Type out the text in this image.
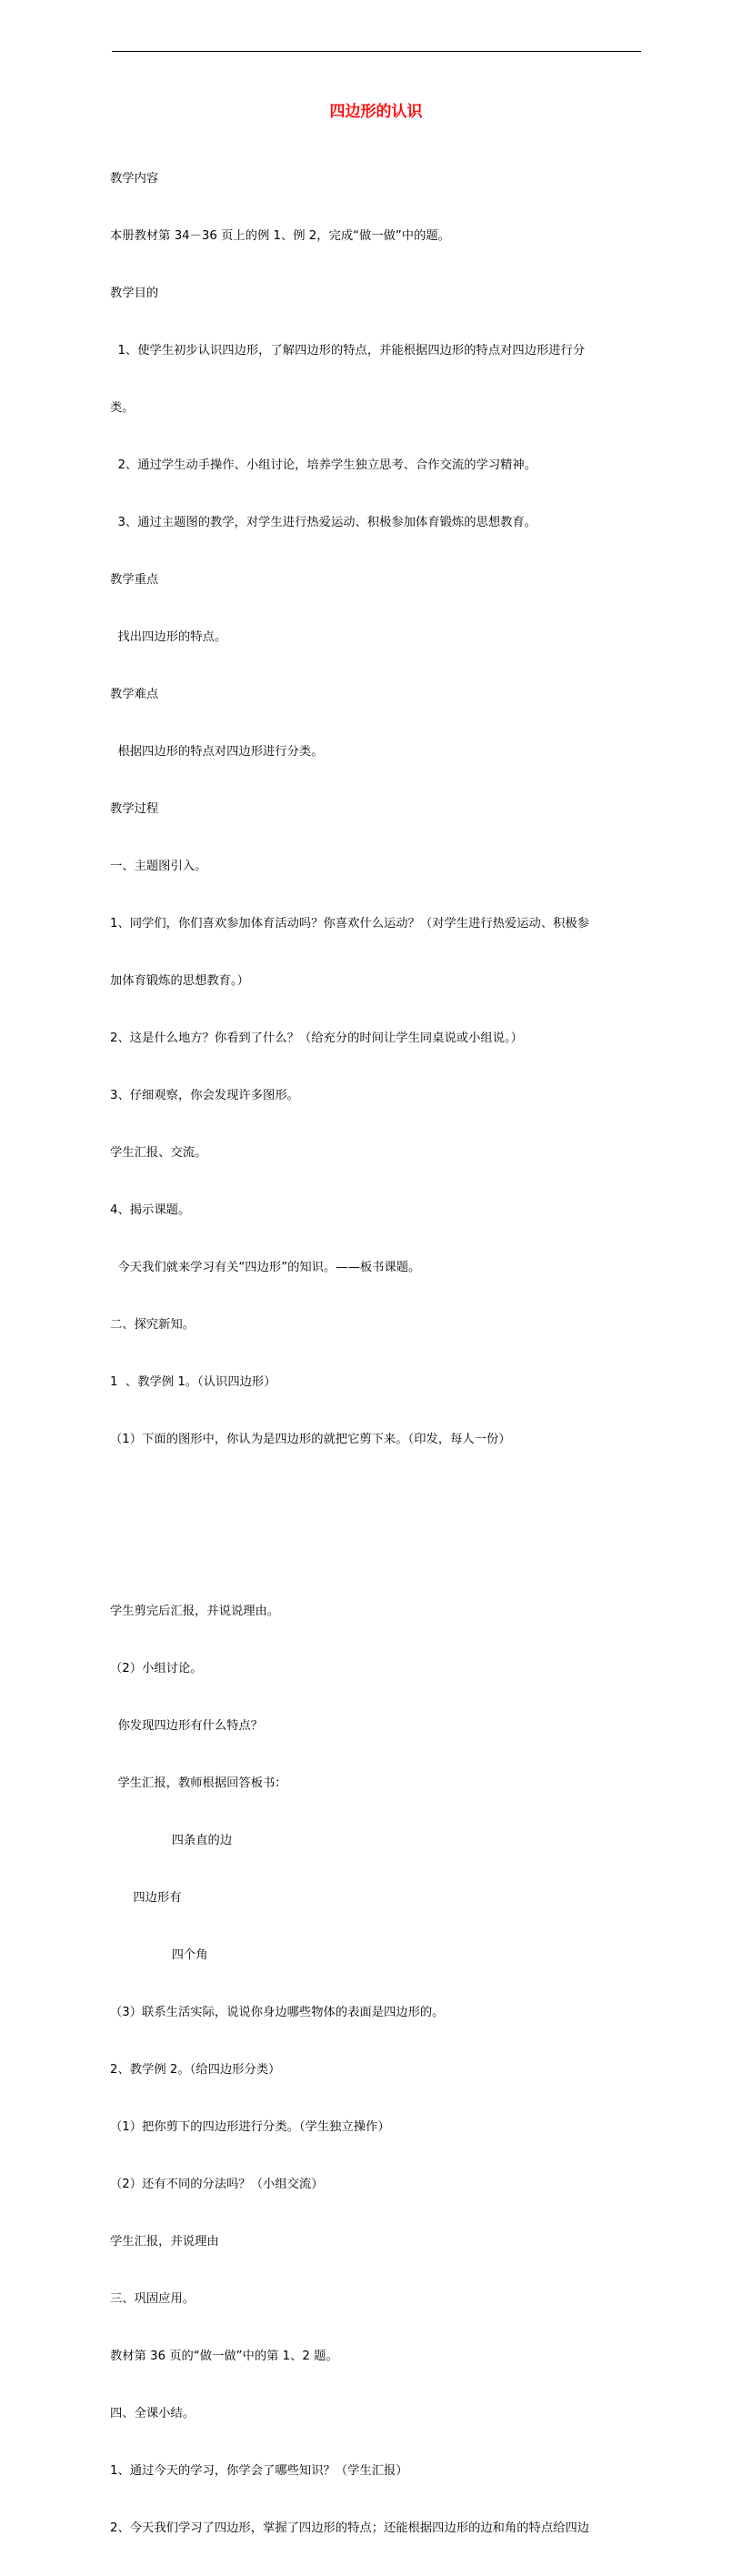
四边形的认识

教学内容

本册教材第 34－36 页上的例 1、例 2，完成“做一做”中的题。

教学目的

1、使学生初步认识四边形，了解四边形的特点，并能根据四边形的特点对四边形进行分

类。

2、通过学生动手操作、小组讨论，培养学生独立思考、合作交流的学习精神。

3、通过主题图的教学，对学生进行热爱运动、积极参加体育锻炼的思想教育。

教学重点

找出四边形的特点。

教学难点

根据四边形的特点对四边形进行分类。

教学过程

一、主题图引入。

1、同学们，你们喜欢参加体育活动吗？你喜欢什么运动？（对学生进行热爱运动、积极参

加体育锻炼的思想教育。）

2、这是什么地方？你看到了什么？（给充分的时间让学生同桌说或小组说。）

3、仔细观察，你会发现许多图形。

学生汇报、交流。

4、揭示课题。

今天我们就来学习有关“四边形”的知识。——板书课题。

二、探究新知。

1  、教学例 1。（认识四边形）

（1）下面的图形中，你认为是四边形的就把它剪下来。（印发，每人一份）

学生剪完后汇报，并说说理由。

（2）小组讨论。

你发现四边形有什么特点？

学生汇报，教师根据回答板书：

四条直的边

四边形有

四个角

（3）联系生活实际，说说你身边哪些物体的表面是四边形的。

2、教学例 2。（给四边形分类）

（1）把你剪下的四边形进行分类。（学生独立操作）

（2）还有不同的分法吗？（小组交流）

学生汇报，并说理由

三、巩固应用。

教材第 36 页的“做一做”中的第 1、2 题。

四、全课小结。

1、通过今天的学习，你学会了哪些知识？（学生汇报）

2、今天我们学习了四边形，掌握了四边形的特点；还能根据四边形的边和角的特点给四边
